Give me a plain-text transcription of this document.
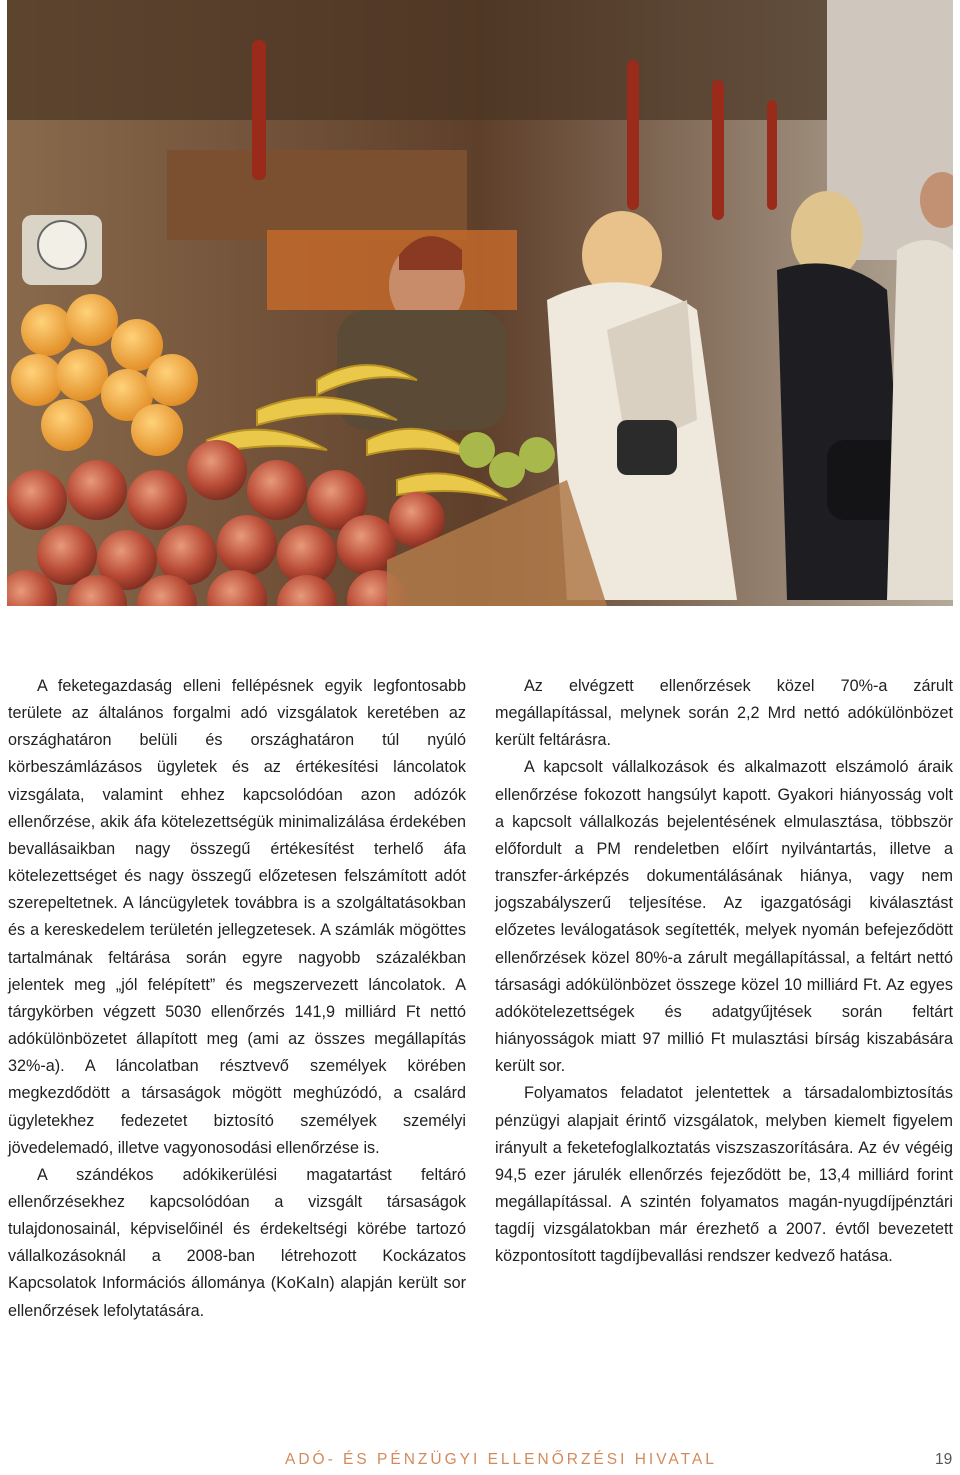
A feketegazdaság elleni fellépésnek egyik legfontosabb területe az általános forgalmi adó vizsgálatok keretében az országhatáron belüli és országhatáron túl nyúló körbeszámlázásos ügyletek és az értékesítési láncolatok vizsgálata, valamint ehhez kapcsolódóan azon adózók ellenőrzése, akik áfa kötelezettségük minimalizálása érdekében bevallásaikban nagy összegű értékesítést terhelő áfa kötelezettséget és nagy összegű előzetesen felszámított adót szerepeltetnek. A láncügyletek továbbra is a szolgáltatásokban és a kereskedelem területén jellegzetesek. A számlák mögöttes tartalmának feltárása során egyre nagyobb százalékban jelentek meg „jól felépített” és megszervezett láncolatok. A tárgykörben végzett 5030 ellenőrzés 141,9 milliárd Ft nettó adókülönbözetet állapított meg (ami az összes megállapítás 32%-a). A láncolatban résztvevő személyek körében megkezdődött a társaságok mögött meghúzódó, a csalárd ügyletekhez fedezetet biztosító személyek személyi jövedelemadó, illetve vagyonosodási ellenőrzése is.

A szándékos adókikerülési magatartást feltáró ellenőrzésekhez kapcsolódóan a vizsgált társaságok tulajdonosainál, képviselőinél és érdekeltségi körébe tartozó vállalkozásoknál a 2008-ban létrehozott Kockázatos Kapcsolatok Információs állománya (KoKaIn) alapján került sor ellenőrzések lefolytatására.

Az elvégzett ellenőrzések közel 70%-a zárult megállapítással, melynek során 2,2 Mrd nettó adókülönbözet került feltárásra.

A kapcsolt vállalkozások és alkalmazott elszámoló áraik ellenőrzése fokozott hangsúlyt kapott. Gyakori hiányosság volt a kapcsolt vállalkozás bejelentésének elmulasztása, többször előfordult a PM rendeletben előírt nyilvántartás, illetve a transzfer-árképzés dokumentálásának hiánya, vagy nem jogszabályszerű teljesítése. Az igazgatósági kiválasztást előzetes leválogatások segítették, melyek nyomán befejeződött ellenőrzések közel 80%-a zárult megállapítással, a feltárt nettó társasági adókülönbözet összege közel 10 milliárd Ft. Az egyes adókötelezettségek és adatgyűjtések során feltárt hiányosságok miatt 97 millió Ft mulasztási bírság kiszabására került sor.

Folyamatos feladatot jelentettek a társadalombiztosítás pénzügyi alapjait érintő vizsgálatok, melyben kiemelt figyelem irányult a feketefoglalkoztatás viszszaszorítására. Az év végéig 94,5 ezer járulék ellenőrzés fejeződött be, 13,4 milliárd forint megállapítással. A szintén folyamatos magán-nyugdíjpénztári tagdíj vizsgálatokban már érezhető a 2007. évtől bevezetett központosított tagdíjbevallási rendszer kedvező hatása.

ADÓ- ÉS PÉNZÜGYI ELLENŐRZÉSI HIVATAL	19
